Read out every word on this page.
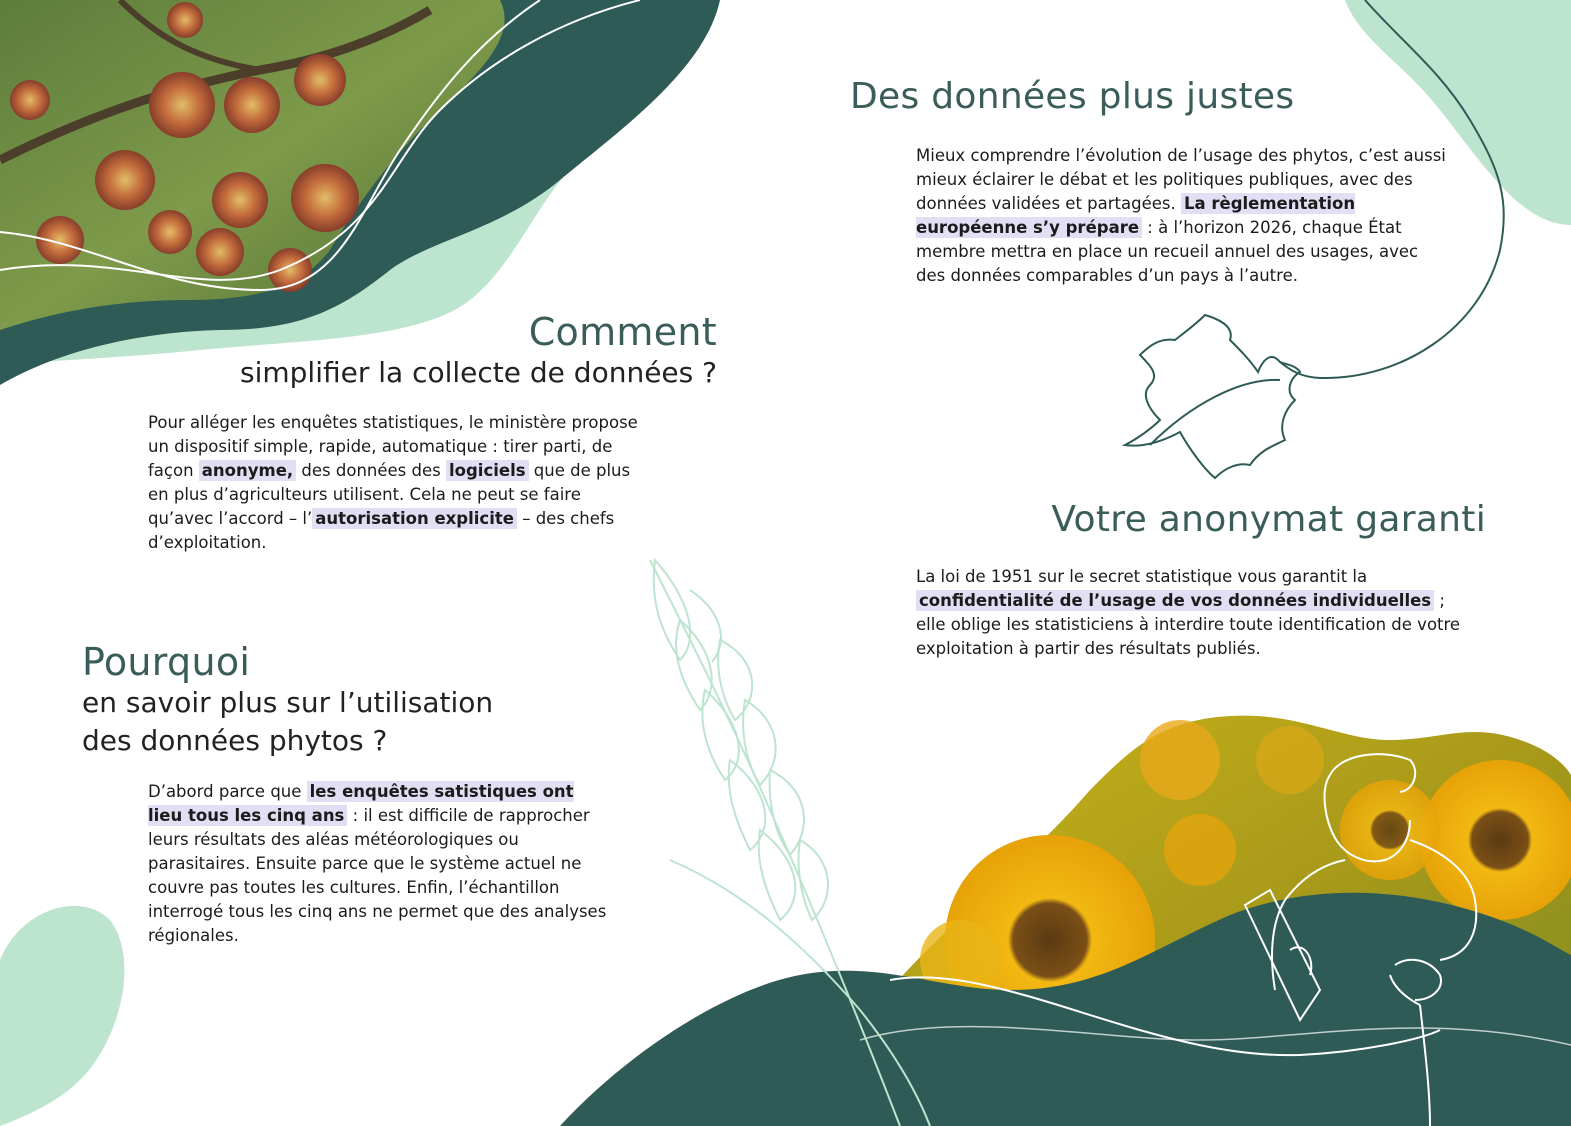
Comment
simplifier la collecte de données ?
Pour alléger les enquêtes statistiques, le ministère propose un dispositif simple, rapide, automatique : tirer parti, de façon anonyme, des données des logiciels que de plus en plus d’agriculteurs utilisent. Cela ne peut se faire qu’avec l’accord – l’ autorisation explicite – des chefs d’exploitation.
Pourquoi
en savoir plus sur l’utilisation
des données phytos ?
D’abord parce que les enquêtes satistiques ont lieu tous les cinq ans : il est difficile de rapprocher leurs résultats des aléas météorologiques ou parasitaires. Ensuite parce que le système actuel ne couvre pas toutes les cultures. Enfin, l’échantillon interrogé tous les cinq ans ne permet que des analyses régionales.
Des données plus justes
Mieux comprendre l’évolution de l’usage des phytos, c’est aussi mieux éclairer le débat et les politiques publiques, avec des données validées et partagées. La règlementation européenne s’y prépare : à l’horizon 2026, chaque État membre mettra en place un recueil annuel des usages, avec des données comparables d’un pays à l’autre.
Votre anonymat garanti
La loi de 1951 sur le secret statistique vous garantit la confidentialité de l’usage de vos données individuelles ; elle oblige les statisticiens à interdire toute identification de votre exploitation à partir des résultats publiés.
